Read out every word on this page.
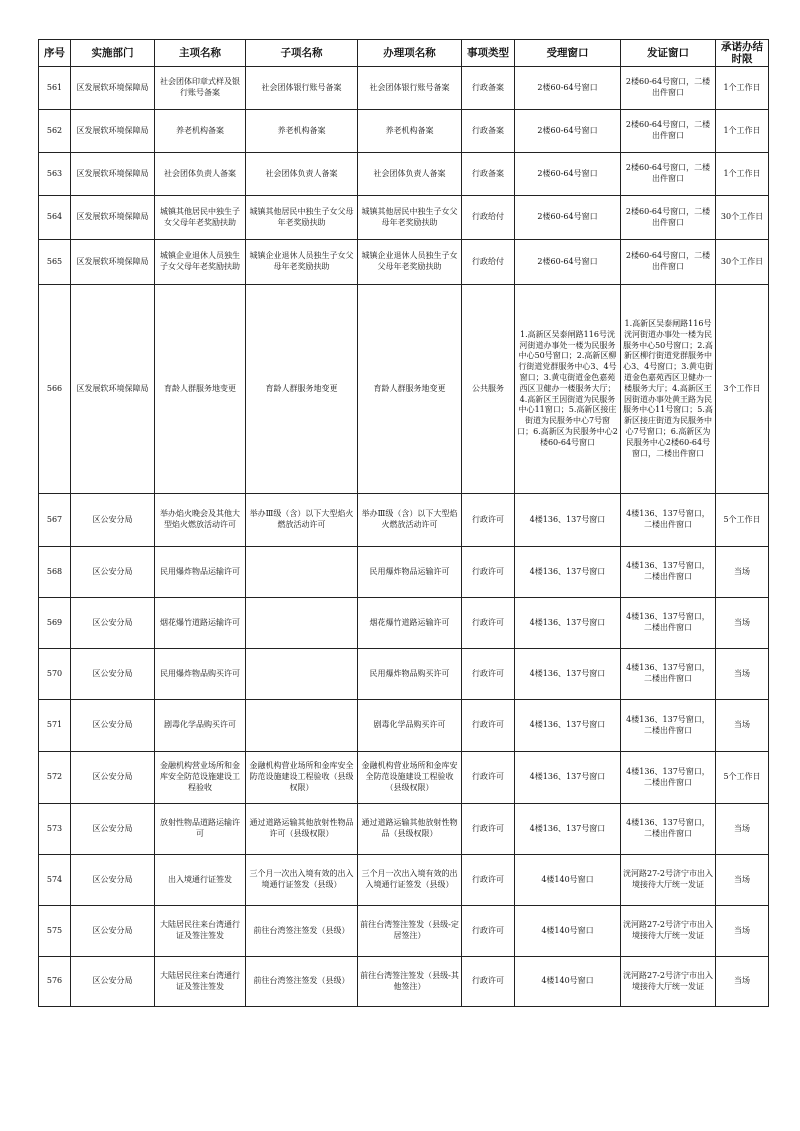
序号	实施部门	主项名称	子项名称	办理项名称	事项类型	受理窗口	发证窗口	承诺办结时限
561	区发展软环境保障局	社会团体印章式样及银行账号备案	社会团体银行账号备案	社会团体银行账号备案	行政备案	2楼60-64号窗口	2楼60-64号窗口，二楼出件窗口	1个工作日
562	区发展软环境保障局	养老机构备案	养老机构备案	养老机构备案	行政备案	2楼60-64号窗口	2楼60-64号窗口，二楼出件窗口	1个工作日
563	区发展软环境保障局	社会团体负责人备案	社会团体负责人备案	社会团体负责人备案	行政备案	2楼60-64号窗口	2楼60-64号窗口，二楼出件窗口	1个工作日
564	区发展软环境保障局	城镇其他居民中独生子女父母年老奖励扶助	城镇其他居民中独生子女父母年老奖励扶助	城镇其他居民中独生子女父母年老奖励扶助	行政给付	2楼60-64号窗口	2楼60-64号窗口，二楼出件窗口	30个工作日
565	区发展软环境保障局	城镇企业退休人员独生子女父母年老奖励扶助	城镇企业退休人员独生子女父母年老奖励扶助	城镇企业退休人员独生子女父母年老奖励扶助	行政给付	2楼60-64号窗口	2楼60-64号窗口，二楼出件窗口	30个工作日
566	区发展软环境保障局	育龄人群服务地变更	育龄人群服务地变更	育龄人群服务地变更	公共服务	1.高新区吴泰闸路116号洸河街道办事处一楼为民服务中心50号窗口；2.高新区柳行街道党群服务中心3、4号窗口；3.黄屯街道金色嘉苑西区卫健办一楼服务大厅；4.高新区王因街道为民服务中心11窗口；5.高新区接庄街道为民服务中心7号窗口；6.高新区为民服务中心2楼60-64号窗口	1.高新区吴泰闸路116号洸河街道办事处一楼为民服务中心50号窗口；2.高新区柳行街道党群服务中心3、4号窗口；3.黄屯街道金色嘉苑西区卫健办一楼服务大厅；4.高新区王因街道办事处黄王路为民服务中心11号窗口；5.高新区接庄街道为民服务中心7号窗口；6.高新区为民服务中心2楼60-64号窗口，二楼出件窗口	3个工作日
567	区公安分局	举办焰火晚会及其他大型焰火燃放活动许可	举办Ⅲ级（含）以下大型焰火燃放活动许可	举办Ⅲ级（含）以下大型焰火燃放活动许可	行政许可	4楼136、137号窗口	4楼136、137号窗口，二楼出件窗口	5个工作日
568	区公安分局	民用爆炸物品运输许可		民用爆炸物品运输许可	行政许可	4楼136、137号窗口	4楼136、137号窗口，二楼出件窗口	当场
569	区公安分局	烟花爆竹道路运输许可		烟花爆竹道路运输许可	行政许可	4楼136、137号窗口	4楼136、137号窗口，二楼出件窗口	当场
570	区公安分局	民用爆炸物品购买许可		民用爆炸物品购买许可	行政许可	4楼136、137号窗口	4楼136、137号窗口，二楼出件窗口	当场
571	区公安分局	剧毒化学品购买许可		剧毒化学品购买许可	行政许可	4楼136、137号窗口	4楼136、137号窗口，二楼出件窗口	当场
572	区公安分局	金融机构营业场所和金库安全防范设施建设工程验收	金融机构营业场所和金库安全防范设施建设工程验收（县级权限）	金融机构营业场所和金库安全防范设施建设工程验收（县级权限）	行政许可	4楼136、137号窗口	4楼136、137号窗口，二楼出件窗口	5个工作日
573	区公安分局	放射性物品道路运输许可	通过道路运输其他放射性物品许可（县级权限）	通过道路运输其他放射性物品（县级权限）	行政许可	4楼136、137号窗口	4楼136、137号窗口，二楼出件窗口	当场
574	区公安分局	出入境通行证签发	三个月一次出入境有效的出入境通行证签发（县级）	三个月一次出入境有效的出入境通行证签发（县级）	行政许可	4楼140号窗口	洸河路27-2号济宁市出入境接待大厅统一发证	当场
575	区公安分局	大陆居民往来台湾通行证及签注签发	前往台湾签注签发（县级）	前往台湾签注签发（县级-定居签注）	行政许可	4楼140号窗口	洸河路27-2号济宁市出入境接待大厅统一发证	当场
576	区公安分局	大陆居民往来台湾通行证及签注签发	前往台湾签注签发（县级）	前往台湾签注签发（县级-其他签注）	行政许可	4楼140号窗口	洸河路27-2号济宁市出入境接待大厅统一发证	当场
